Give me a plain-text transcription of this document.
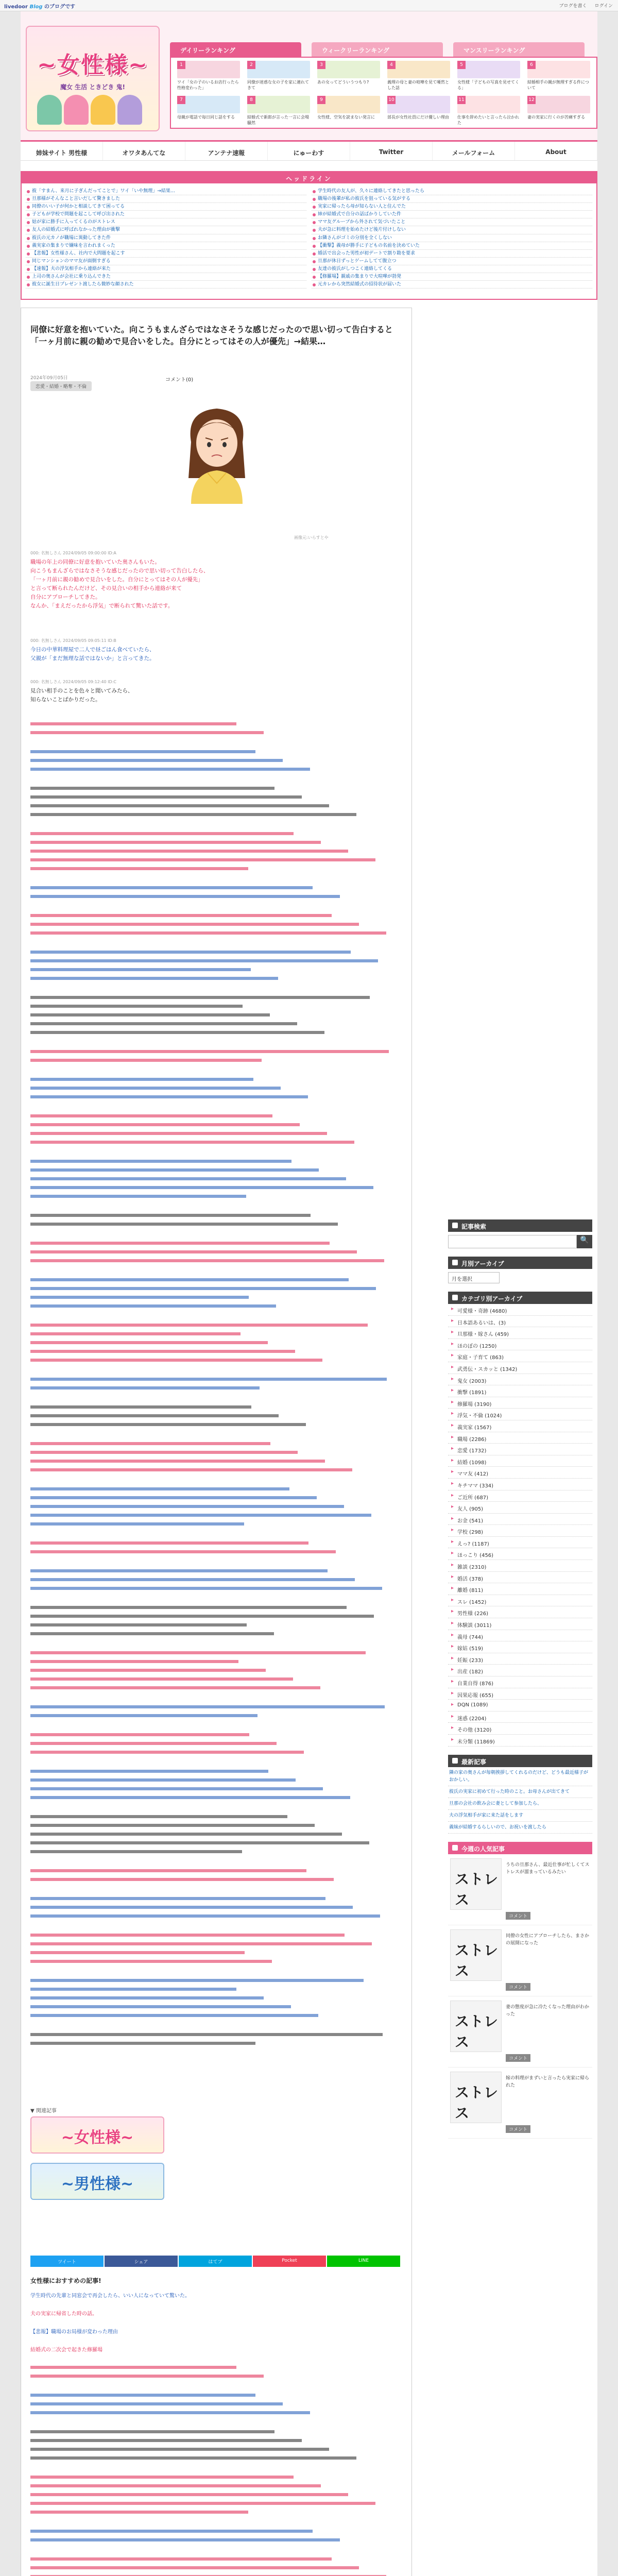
livedoor Blog のブログです	ブログを書く ログイン
~女性様~
魔女 生活 ときどき 鬼!
デイリーランキング	ウィークリーランキング	マンスリーランキング
1
ワイ「女の子のいるお店行ったら性格変わった」
2
同僚が迷惑な女の子を家に連れてきて
3
あの女ってどういうつもり?
4
義理の母と妻の喧嘩を見て唖然とした話
5
女性様「子どもの写真を見せてくる」
6
結婚相手の親が無理すぎる件について
7
母親が電話で毎日同じ話をする
8
結婚式で新郎が言った一言に会場騒然
9
女性様、空気を読まない発言に
10
部長が女性社員にだけ優しい理由
11
仕事を辞めたいと言ったら泣かれた
12
妻の実家に行くのが苦痛すぎる
姉妹サイト 男性様	オワタあんてな	アンテナ速報	にゅーわす	Twitter	メールフォーム	About
ヘッドライン
彼「すまん、来月に子ぎんだってことで」ワイ「いや無理」→結果…
旦那様がそんなこと言いだして驚きました
同僚のいい子が何かと相談してきて困ってる
子どもが学校で問題を起こして呼び出された
姑が家に勝手に入ってくるのがストレス
友人の結婚式に呼ばれなかった理由が衝撃
彼氏の元カノが職場に異動してきた件
義実家の集まりで嫌味を言われまくった
【悲報】女性様さん、社内で大問題を起こす
同じマンションのママ友が面倒すぎる
【速報】夫の浮気相手から連絡が来た
上司の奥さんが会社に乗り込んできた
彼女に誕生日プレゼント渡したら微妙な顔された
学生時代の友人が、久々に連絡してきたと思ったら
職場の後輩が私の彼氏を狙っている気がする
実家に帰ったら母が知らない人と住んでた
姉が結婚式で自分の話ばかりしていた件
ママ友グループから外されて気づいたこと
夫が急に料理を始めたけど後片付けしない
お隣さんがゴミの分別を全くしない
【衝撃】義母が勝手に子どもの名前を決めていた
婚活で出会った男性が初デートで割り勘を要求
旦那が休日ずっとゲームしてて腹立つ
友達の彼氏がしつこく連絡してくる
【修羅場】親戚の集まりで大喧嘩が勃発
元カレから突然結婚式の招待状が届いた
同僚に好意を抱いていた。向こうもまんざらではなさそうな感じだったので思い切って告白すると「一ヶ月前に親の勧めで見合いをした。自分にとってはその人が優先」→結果…
2024年09月05日
恋愛・結婚・略奪・不倫
コメント(0)
画像元:いらすとや
000: 名無しさん 2024/09/05 09:00:00 ID:A
職場の年上の同僚に好意を抱いていた奥さんもいた。
向こうもまんざらではなさそうな感じだったので思い切って告白したら、
「一ヶ月前に親の勧めで見合いをした。自分にとってはその人が優先」
と言って断られたんだけど、その見合いの相手から連絡が来て
自分にアプローチしてきた。
なんか、「まえだったから浮気」で断られて驚いた話です。
000: 名無しさん 2024/09/05 09:05:11 ID:B
今日の中華料理屋で二人で昼ごはん食べていたら、
父親が「まだ無理な話ではないか」と言ってきた。
000: 名無しさん 2024/09/05 09:12:40 ID:C
見合い相手のことを色々と聞いてみたら、
知らないことばかりだった。
▼ 関連記事
~女性様~
~男性様~
ツイート	シェア	はてブ	Pocket	LINE
女性様におすすめの記事!

学生時代の先輩と同窓会で再会したら、いい人になっていて驚いた。

夫の実家に帰省した時の話。

【悲報】職場のお局様が変わった理由

結婚式の二次会で起きた修羅場

記事検索
🔍
月別アーカイブ
月を選択
カテゴリ別アーカイブ
▸ 可愛様・奇跡 (4680)
▸ 日本語あるいは、(3)
▸ 旦那様・嫁さん (459)
▸ ほのぼの (1250)
▸ 家庭・子育て (863)
▸ 武勇伝・スカッと (1342)
▸ 鬼女 (2003)
▸ 衝撃 (1891)
▸ 修羅場 (3190)
▸ 浮気・不倫 (1024)
▸ 義実家 (1567)
▸ 職場 (2286)
▸ 恋愛 (1732)
▸ 結婚 (1098)
▸ ママ友 (412)
▸ キチママ (334)
▸ ご近所 (687)
▸ 友人 (905)
▸ お金 (541)
▸ 学校 (298)
▸ えっ? (1187)
▸ ほっこり (456)
▸ 雑談 (2310)
▸ 婚活 (378)
▸ 離婚 (811)
▸ スレ (1452)
▸ 男性様 (226)
▸ 体験談 (3011)
▸ 義母 (744)
▸ 嫁姑 (519)
▸ 妊娠 (233)
▸ 出産 (182)
▸ 自業自得 (876)
▸ 因果応報 (655)
▸ DQN (1089)
▸ 迷惑 (2204)
▸ その他 (3120)
▸ 未分類 (11869)
最新記事
隣の家の奥さんが毎朝挨拶してくれるのだけど、どうも最近様子がおかしい。
彼氏の実家に初めて行った時のこと。お母さんが出てきて
旦那の会社の飲み会に妻として参加したら、
夫の浮気相手が家に来た話をします
義妹が結婚するらしいので、お祝いを渡したら
今週の人気記事
ストレス
うちの旦那さん、最近仕事が忙しくてストレスが溜まっているみたい
コメント
ストレス
同僚の女性にアプローチしたら、まさかの展開になった
コメント
ストレス
妻の態度が急に冷たくなった理由がわかった
コメント
ストレス
嫁の料理がまずいと言ったら実家に帰られた
コメント
